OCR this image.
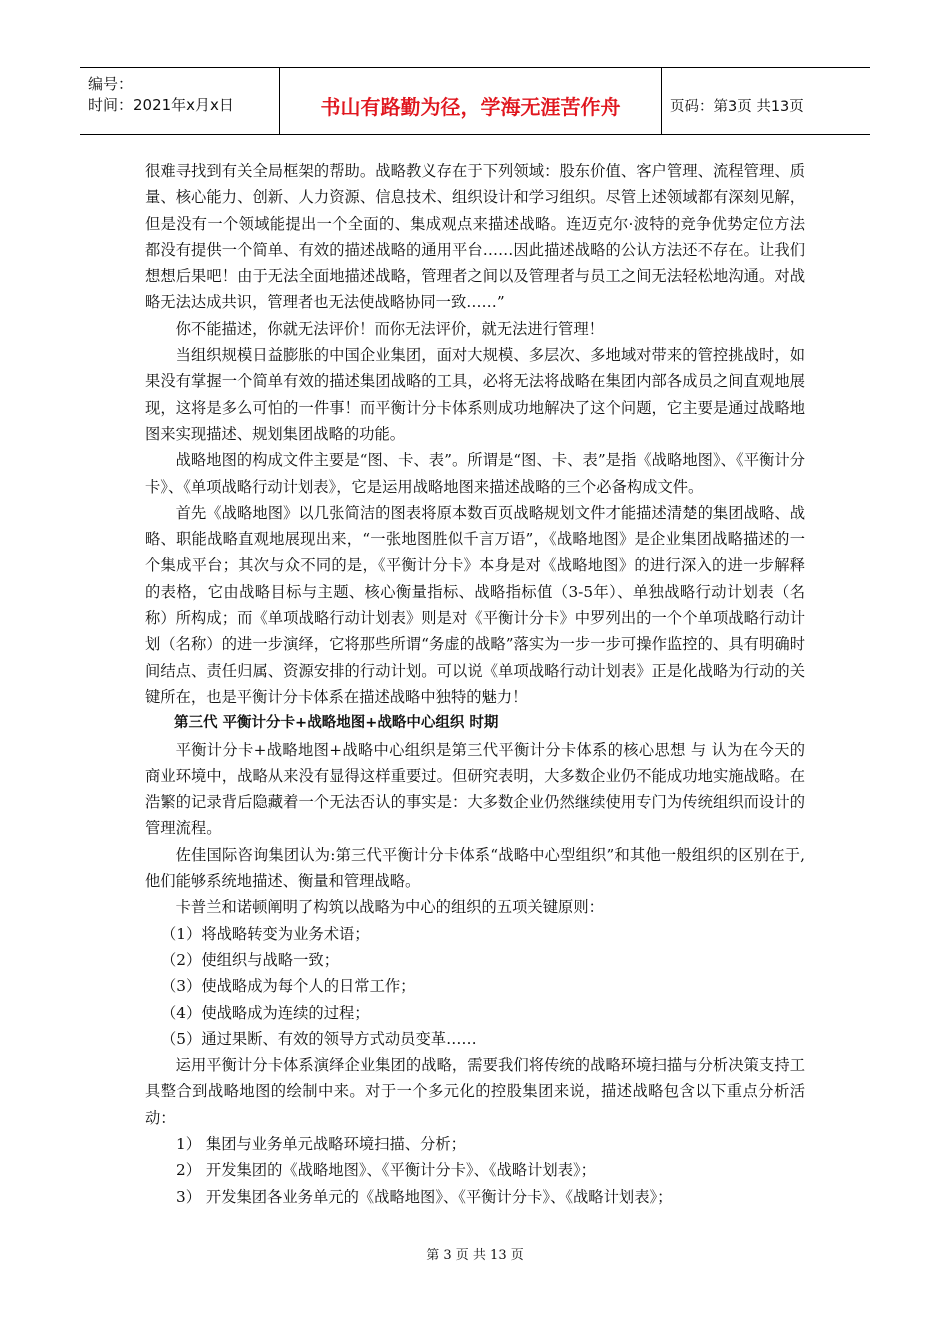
编号：
时间：2021年x月x日	书山有路勤为径，学海无涯苦作舟	页码：第3页 共13页

很难寻找到有关全局框架的帮助。战略教义存在于下列领域：股东价值、客户管理、流程管理、质量、核心能力、创新、人力资源、信息技术、组织设计和学习组织。尽管上述领域都有深刻见解，但是没有一个领域能提出一个全面的、集成观点来描述战略。连迈克尔·波特的竞争优势定位方法都没有提供一个简单、有效的描述战略的通用平台……因此描述战略的公认方法还不存在。让我们想想后果吧！由于无法全面地描述战略，管理者之间以及管理者与员工之间无法轻松地沟通。对战略无法达成共识，管理者也无法使战略协同一致……”

你不能描述，你就无法评价！而你无法评价，就无法进行管理！

当组织规模日益膨胀的中国企业集团，面对大规模、多层次、多地域对带来的管控挑战时，如果没有掌握一个简单有效的描述集团战略的工具，必将无法将战略在集团内部各成员之间直观地展现，这将是多么可怕的一件事！而平衡计分卡体系则成功地解决了这个问题，它主要是通过战略地图来实现描述、规划集团战略的功能。

战略地图的构成文件主要是“图、卡、表”。所谓是“图、卡、表”是指《战略地图》、《平衡计分卡》、《单项战略行动计划表》，它是运用战略地图来描述战略的三个必备构成文件。

首先《战略地图》以几张简洁的图表将原本数百页战略规划文件才能描述清楚的集团战略、战略、职能战略直观地展现出来，“一张地图胜似千言万语”，《战略地图》是企业集团战略描述的一个集成平台；其次与众不同的是，《平衡计分卡》本身是对《战略地图》的进行深入的进一步解释的表格，它由战略目标与主题、核心衡量指标、战略指标值（3-5年）、单独战略行动计划表（名称）所构成；而《单项战略行动计划表》则是对《平衡计分卡》中罗列出的一个个单项战略行动计划（名称）的进一步演绎，它将那些所谓“务虚的战略”落实为一步一步可操作监控的、具有明确时间结点、责任归属、资源安排的行动计划。可以说《单项战略行动计划表》正是化战略为行动的关键所在，也是平衡计分卡体系在描述战略中独特的魅力！

第三代 平衡计分卡+战略地图+战略中心组织 时期

平衡计分卡+战略地图+战略中心组织是第三代平衡计分卡体系的核心思想 与 认为在今天的商业环境中，战略从来没有显得这样重要过。但研究表明，大多数企业仍不能成功地实施战略。在浩繁的记录背后隐藏着一个无法否认的事实是：大多数企业仍然继续使用专门为传统组织而设计的管理流程。

佐佳国际咨询集团认为:第三代平衡计分卡体系“战略中心型组织”和其他一般组织的区别在于,他们能够系统地描述、衡量和管理战略。

卡普兰和诺顿阐明了构筑以战略为中心的组织的五项关键原则：

（1）将战略转变为业务术语；

（2）使组织与战略一致；

（3）使战略成为每个人的日常工作；

（4）使战略成为连续的过程；

（5）通过果断、有效的领导方式动员变革……

运用平衡计分卡体系演绎企业集团的战略，需要我们将传统的战略环境扫描与分析决策支持工具整合到战略地图的绘制中来。对于一个多元化的控股集团来说，描述战略包含以下重点分析活动：

1） 集团与业务单元战略环境扫描、分析；

2） 开发集团的《战略地图》、《平衡计分卡》、《战略计划表》；

3） 开发集团各业务单元的《战略地图》、《平衡计分卡》、《战略计划表》；

第 3 页 共 13 页
